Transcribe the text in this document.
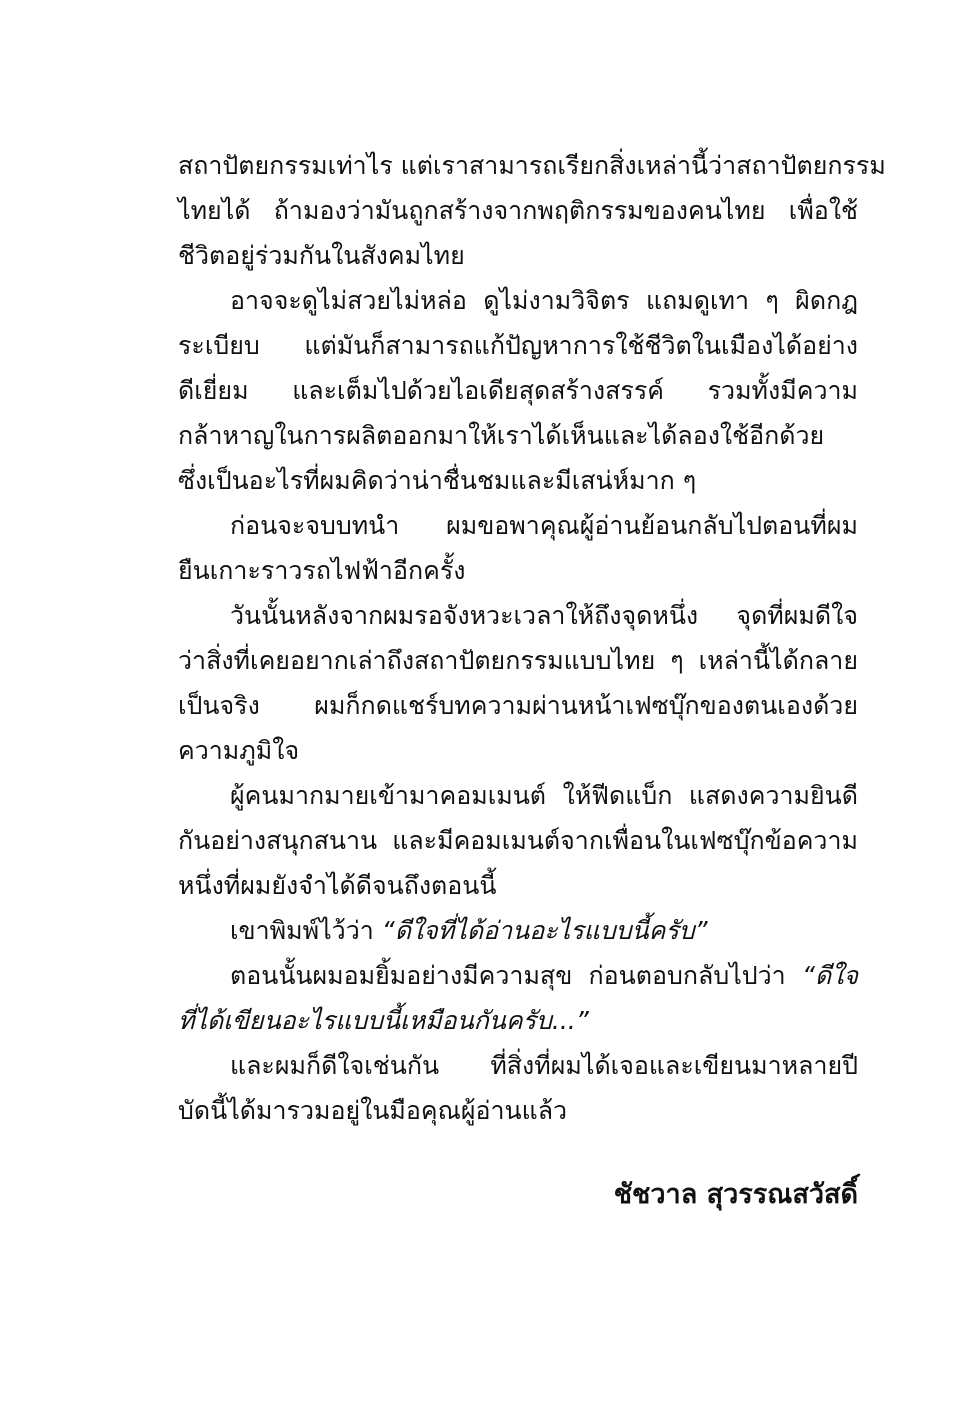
สถาปัตยกรรมเท่าไร แต่เราสามารถเรียกสิ่งเหล่านี้ว่าสถาปัตยกรรม
ไทยได้ ถ้ามองว่ามันถูกสร้างจากพฤติกรรมของคนไทย เพื่อใช้
ชีวิตอยู่ร่วมกันในสังคมไทย

อาจจะดูไม่สวยไม่หล่อ ดูไม่งามวิจิตร แถมดูเทา ๆ ผิดกฎ
ระเบียบ แต่มันก็สามารถแก้ปัญหาการใช้ชีวิตในเมืองได้อย่าง
ดีเยี่ยม และเต็มไปด้วยไอเดียสุดสร้างสรรค์ รวมทั้งมีความ
กล้าหาญในการผลิตออกมาให้เราได้เห็นและได้ลองใช้อีกด้วย
ซึ่งเป็นอะไรที่ผมคิดว่าน่าชื่นชมและมีเสน่ห์มาก ๆ

ก่อนจะจบบทนำ ผมขอพาคุณผู้อ่านย้อนกลับไปตอนที่ผม
ยืนเกาะราวรถไฟฟ้าอีกครั้ง

วันนั้นหลังจากผมรอจังหวะเวลาให้ถึงจุดหนึ่ง จุดที่ผมดีใจ
ว่าสิ่งที่เคยอยากเล่าถึงสถาปัตยกรรมแบบไทย ๆ เหล่านี้ได้กลาย
เป็นจริง ผมก็กดแชร์บทความผ่านหน้าเฟซบุ๊กของตนเองด้วย
ความภูมิใจ

ผู้คนมากมายเข้ามาคอมเมนต์ ให้ฟีดแบ็ก แสดงความยินดี
กันอย่างสนุกสนาน และมีคอมเมนต์จากเพื่อนในเฟซบุ๊กข้อความ
หนึ่งที่ผมยังจำได้ดีจนถึงตอนนี้

เขาพิมพ์ไว้ว่า “ดีใจที่ได้อ่านอะไรแบบนี้ครับ”

ตอนนั้นผมอมยิ้มอย่างมีความสุข ก่อนตอบกลับไปว่า “ดีใจ
ที่ได้เขียนอะไรแบบนี้เหมือนกันครับ...”

และผมก็ดีใจเช่นกัน ที่สิ่งที่ผมได้เจอและเขียนมาหลายปี
บัดนี้ได้มารวมอยู่ในมือคุณผู้อ่านแล้ว

ชัชวาล สุวรรณสวัสดิ์
